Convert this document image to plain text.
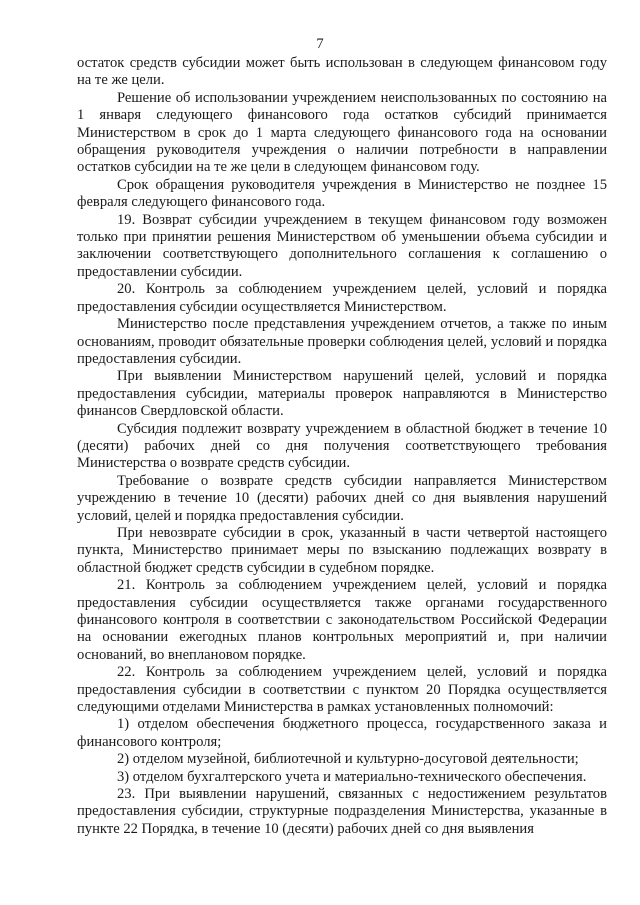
7

остаток средств субсидии может быть использован в следующем финансовом году на те же цели.

Решение об использовании учреждением неиспользованных по состоянию на 1 января следующего финансового года остатков субсидий принимается Министерством в срок до 1 марта следующего финансового года на основании обращения руководителя учреждения о наличии потребности в направлении остатков субсидии на те же цели в следующем финансовом году.

Срок обращения руководителя учреждения в Министерство не позднее 15 февраля следующего финансового года.

19. Возврат субсидии учреждением в текущем финансовом году возможен только при принятии решения Министерством об уменьшении объема субсидии и заключении соответствующего дополнительного соглашения к соглашению о предоставлении субсидии.

20. Контроль за соблюдением учреждением целей, условий и порядка предоставления субсидии осуществляется Министерством.

Министерство после представления учреждением отчетов, а также по иным основаниям, проводит обязательные проверки соблюдения целей, условий и порядка предоставления субсидии.

При выявлении Министерством нарушений целей, условий и порядка предоставления субсидии, материалы проверок направляются в Министерство финансов Свердловской области.

Субсидия подлежит возврату учреждением в областной бюджет в течение 10 (десяти) рабочих дней со дня получения соответствующего требования Министерства о возврате средств субсидии.

Требование о возврате средств субсидии направляется Министерством учреждению в течение 10 (десяти) рабочих дней со дня выявления нарушений условий, целей и порядка предоставления субсидии.

При невозврате субсидии в срок, указанный в части четвертой настоящего пункта, Министерство принимает меры по взысканию подлежащих возврату в областной бюджет средств субсидии в судебном порядке.

21. Контроль за соблюдением учреждением целей, условий и порядка предоставления субсидии осуществляется также органами государственного финансового контроля в соответствии с законодательством Российской Федерации на основании ежегодных планов контрольных мероприятий и, при наличии оснований, во внеплановом порядке.

22. Контроль за соблюдением учреждением целей, условий и порядка предоставления субсидии в соответствии с пунктом 20 Порядка осуществляется следующими отделами Министерства в рамках установленных полномочий:

1) отделом обеспечения бюджетного процесса, государственного заказа и финансового контроля;

2) отделом музейной, библиотечной и культурно-досуговой деятельности;

3) отделом бухгалтерского учета и материально-технического обеспечения.

23. При выявлении нарушений, связанных с недостижением результатов предоставления субсидии, структурные подразделения Министерства, указанные в пункте 22 Порядка, в течение 10 (десяти) рабочих дней со дня выявления
